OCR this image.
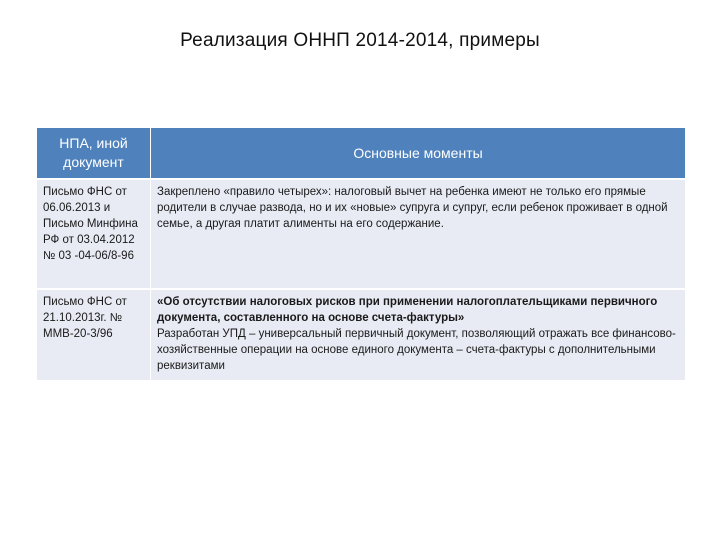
Реализация ОННП 2014-2014, примеры
НПА, иной документ	Основные моменты
Письмо ФНС от 06.06.2013 и Письмо Минфина РФ от 03.04.2012 № 03 -04-06/8-96	Закреплено «правило четырех»: налоговый вычет на ребенка имеют не только его прямые родители в случае развода, но и их «новые» супруга и супруг, если ребенок проживает в одной семье, а другая платит алименты на его содержание.
Письмо ФНС от 21.10.2013г. № ММВ-20-3/96	«Об отсутствии налоговых рисков при применении налогоплательщиками первичного документа, составленного на основе счета-фактуры»
Разработан УПД – универсальный первичный документ, позволяющий отражать все финансово-хозяйственные операции на основе единого документа – счета-фактуры с дополнительными реквизитами
